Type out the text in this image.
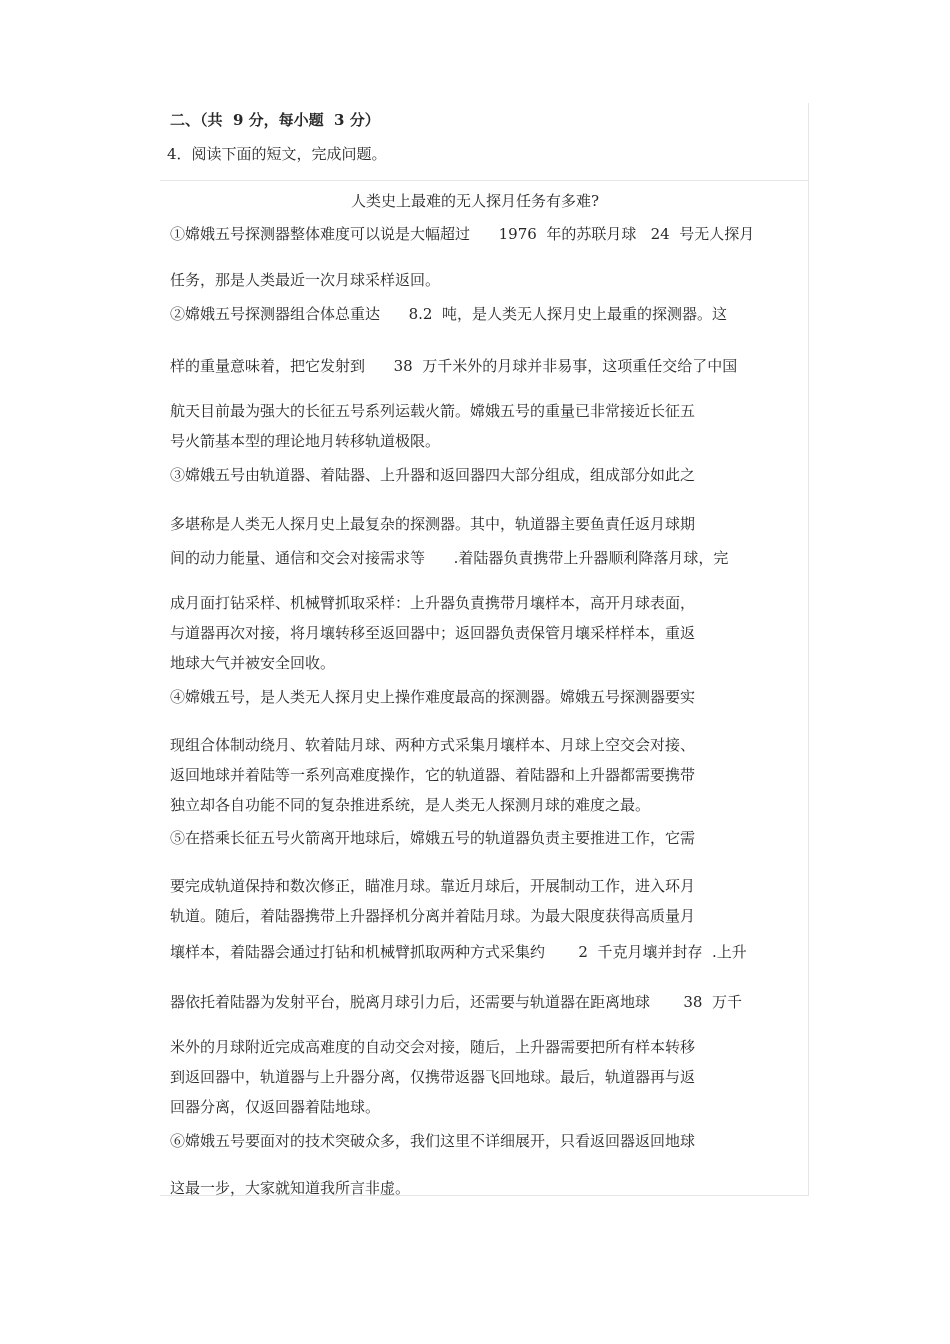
二、（共  9 分，每小题  3 分）
4．阅读下面的短文，完成问题。
人类史上最难的无人探月任务有多难?
①嫦娥五号探测器整体难度可以说是大幅超过      1976  年的苏联月球   24  号无人探月
任务，那是人类最近一次月球采样返回。
②嫦娥五号探测器组合体总重达      8.2  吨，是人类无人探月史上最重的探测器。这
样的重量意味着，把它发射到      38  万千米外的月球并非易事，这项重任交给了中国
航天目前最为强大的长征五号系列运载火箭。嫦娥五号的重量已非常接近长征五
号火箭基本型的理论地月转移轨道极限。
③嫦娥五号由轨道器、着陆器、上升器和返回器四大部分组成，组成部分如此之
多堪称是人类无人探月史上最复杂的探测器。其中，轨道器主要鱼責任返月球期
间的动力能量、通信和交会对接需求等      .着陆器负責携带上升器顺利降落月球，完
成月面打钻采样、机械臂抓取采样：上升器负責携带月壤样本，高开月球表面，
与道器再次对接，将月壤转移至返回器中；返回器负责保管月壤采样样本，重返
地球大气并被安全回收。
④嫦娥五号，是人类无人探月史上操作难度最高的探测器。嫦娥五号探测器要实
现组合体制动绕月、软着陆月球、两种方式采集月壤样本、月球上空交会对接、
返回地球并着陆等一系列高难度操作，它的轨道器、着陆器和上升器都需要携带
独立却各自功能不同的复杂推进系统，是人类无人探测月球的难度之最。
⑤在搭乘长征五号火箭离开地球后，嫦娥五号的轨道器负责主要推进工作，它需
要完成轨道保持和数次修正，瞄准月球。靠近月球后，开展制动工作，进入环月
轨道。随后，着陆器携带上升器择机分离并着陆月球。为最大限度获得高质量月
壤样本，着陆器会通过打钻和机械臂抓取两种方式采集约       2  千克月壤并封存  .上升
器依托着陆器为发射平台，脱离月球引力后，还需要与轨道器在距离地球       38  万千
米外的月球附近完成高难度的自动交会对接，随后，上升器需要把所有样本转移
到返回器中，轨道器与上升器分离，仅携带返器飞回地球。最后，轨道器再与返
回器分离，仅返回器着陆地球。
⑥嫦娥五号要面对的技术突破众多，我们这里不详细展开，只看返回器返回地球
这最一步，大家就知道我所言非虚。
